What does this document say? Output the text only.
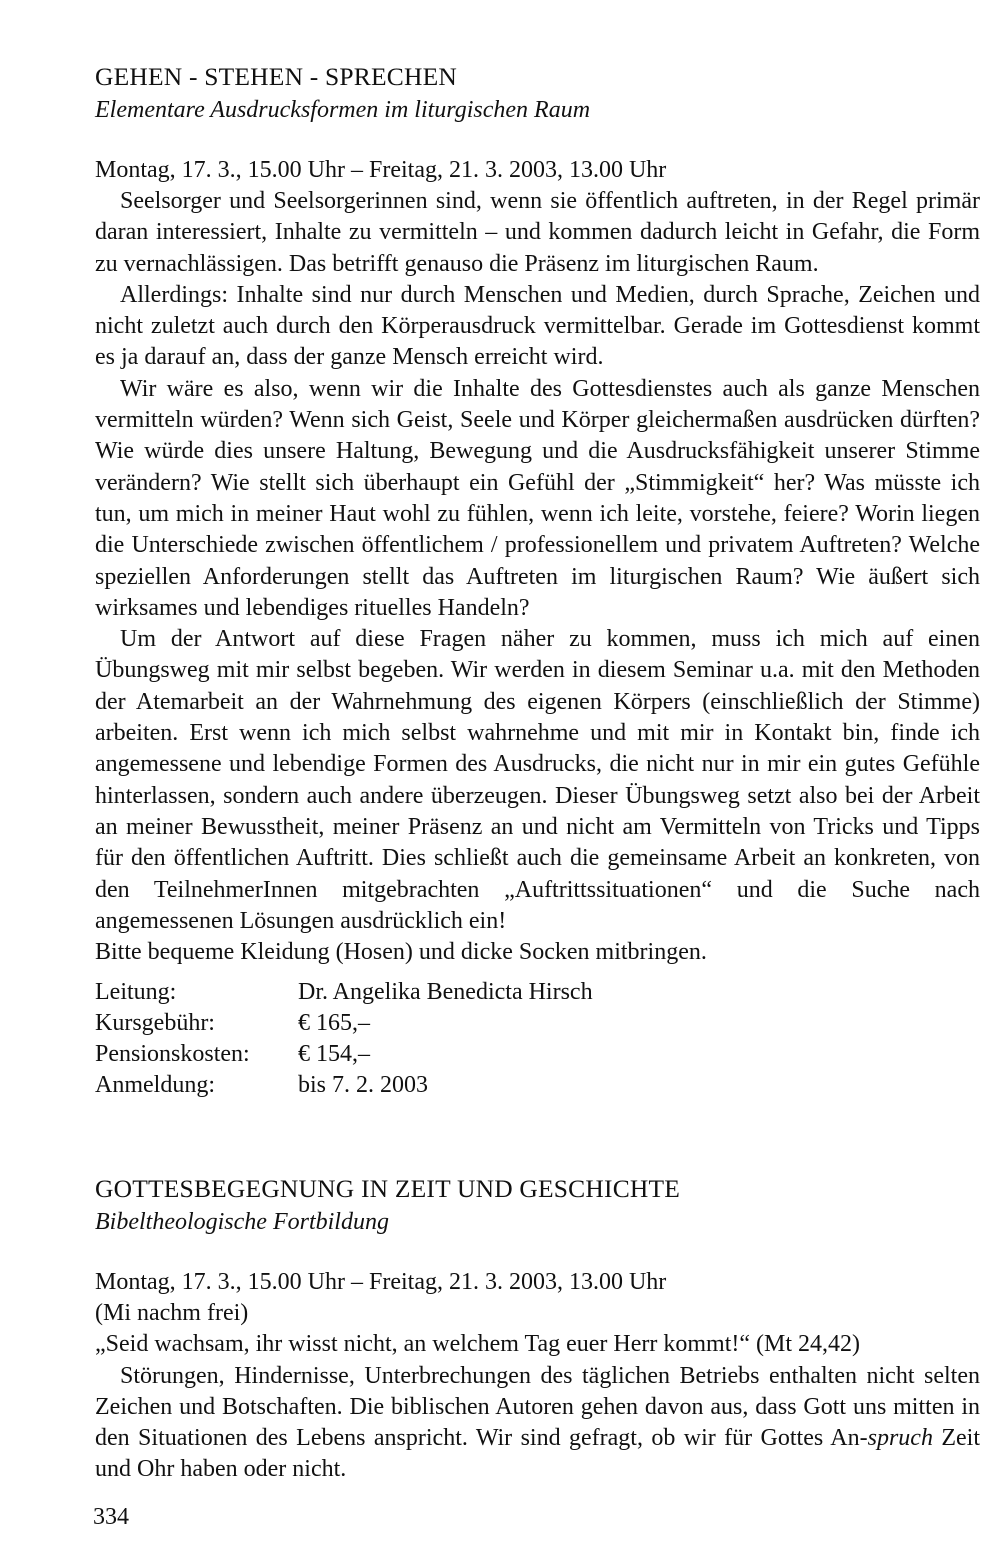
GEHEN - STEHEN - SPRECHEN
Elementare Ausdrucksformen im liturgischen Raum
Montag, 17. 3., 15.00 Uhr – Freitag, 21. 3. 2003, 13.00 Uhr

Seelsorger und Seelsorgerinnen sind, wenn sie öffentlich auftreten, in der Regel primär daran interessiert, Inhalte zu vermitteln – und kommen dadurch leicht in Gefahr, die Form zu vernachlässigen. Das betrifft genauso die Präsenz im liturgischen Raum.

Allerdings: Inhalte sind nur durch Menschen und Medien, durch Sprache, Zeichen und nicht zuletzt auch durch den Körperausdruck vermittelbar. Gerade im Gottesdienst kommt es ja darauf an, dass der ganze Mensch erreicht wird.

Wir wäre es also, wenn wir die Inhalte des Gottesdienstes auch als ganze Menschen vermitteln würden? Wenn sich Geist, Seele und Körper gleichermaßen ausdrücken dürften? Wie würde dies unsere Haltung, Bewegung und die Ausdrucksfähigkeit unserer Stimme verändern? Wie stellt sich überhaupt ein Gefühl der „Stimmigkeit“ her? Was müsste ich tun, um mich in meiner Haut wohl zu fühlen, wenn ich leite, vorstehe, feiere? Worin liegen die Unterschiede zwischen öffentlichem / professionellem und privatem Auftreten? Welche speziellen Anforderungen stellt das Auftreten im liturgischen Raum? Wie äußert sich wirksames und lebendiges rituelles Handeln?

Um der Antwort auf diese Fragen näher zu kommen, muss ich mich auf einen Übungsweg mit mir selbst begeben. Wir werden in diesem Seminar u.a. mit den Methoden der Atemarbeit an der Wahrnehmung des eigenen Körpers (einschließlich der Stimme) arbeiten. Erst wenn ich mich selbst wahrnehme und mit mir in Kontakt bin, finde ich angemessene und lebendige Formen des Ausdrucks, die nicht nur in mir ein gutes Gefühle hinterlassen, sondern auch andere überzeugen. Dieser Übungsweg setzt also bei der Arbeit an meiner Bewusstheit, meiner Präsenz an und nicht am Vermitteln von Tricks und Tipps für den öffentlichen Auftritt. Dies schließt auch die gemeinsame Arbeit an konkreten, von den TeilnehmerInnen mitgebrachten „Auftrittssituationen“ und die Suche nach angemessenen Lösungen ausdrücklich ein!

Bitte bequeme Kleidung (Hosen) und dicke Socken mitbringen.

Leitung:	Dr. Angelika Benedicta Hirsch
Kursgebühr:	€ 165,–
Pensionskosten:	€ 154,–
Anmeldung:	bis 7. 2. 2003
GOTTESBEGEGNUNG IN ZEIT UND GESCHICHTE
Bibeltheologische Fortbildung
Montag, 17. 3., 15.00 Uhr – Freitag, 21. 3. 2003, 13.00 Uhr
(Mi nachm frei)
„Seid wachsam, ihr wisst nicht, an welchem Tag euer Herr kommt!“ (Mt 24,42)

Störungen, Hindernisse, Unterbrechungen des täglichen Betriebs enthalten nicht selten Zeichen und Botschaften. Die biblischen Autoren gehen davon aus, dass Gott uns mitten in den Situationen des Lebens anspricht. Wir sind gefragt, ob wir für Gottes An-spruch Zeit und Ohr haben oder nicht.

334
